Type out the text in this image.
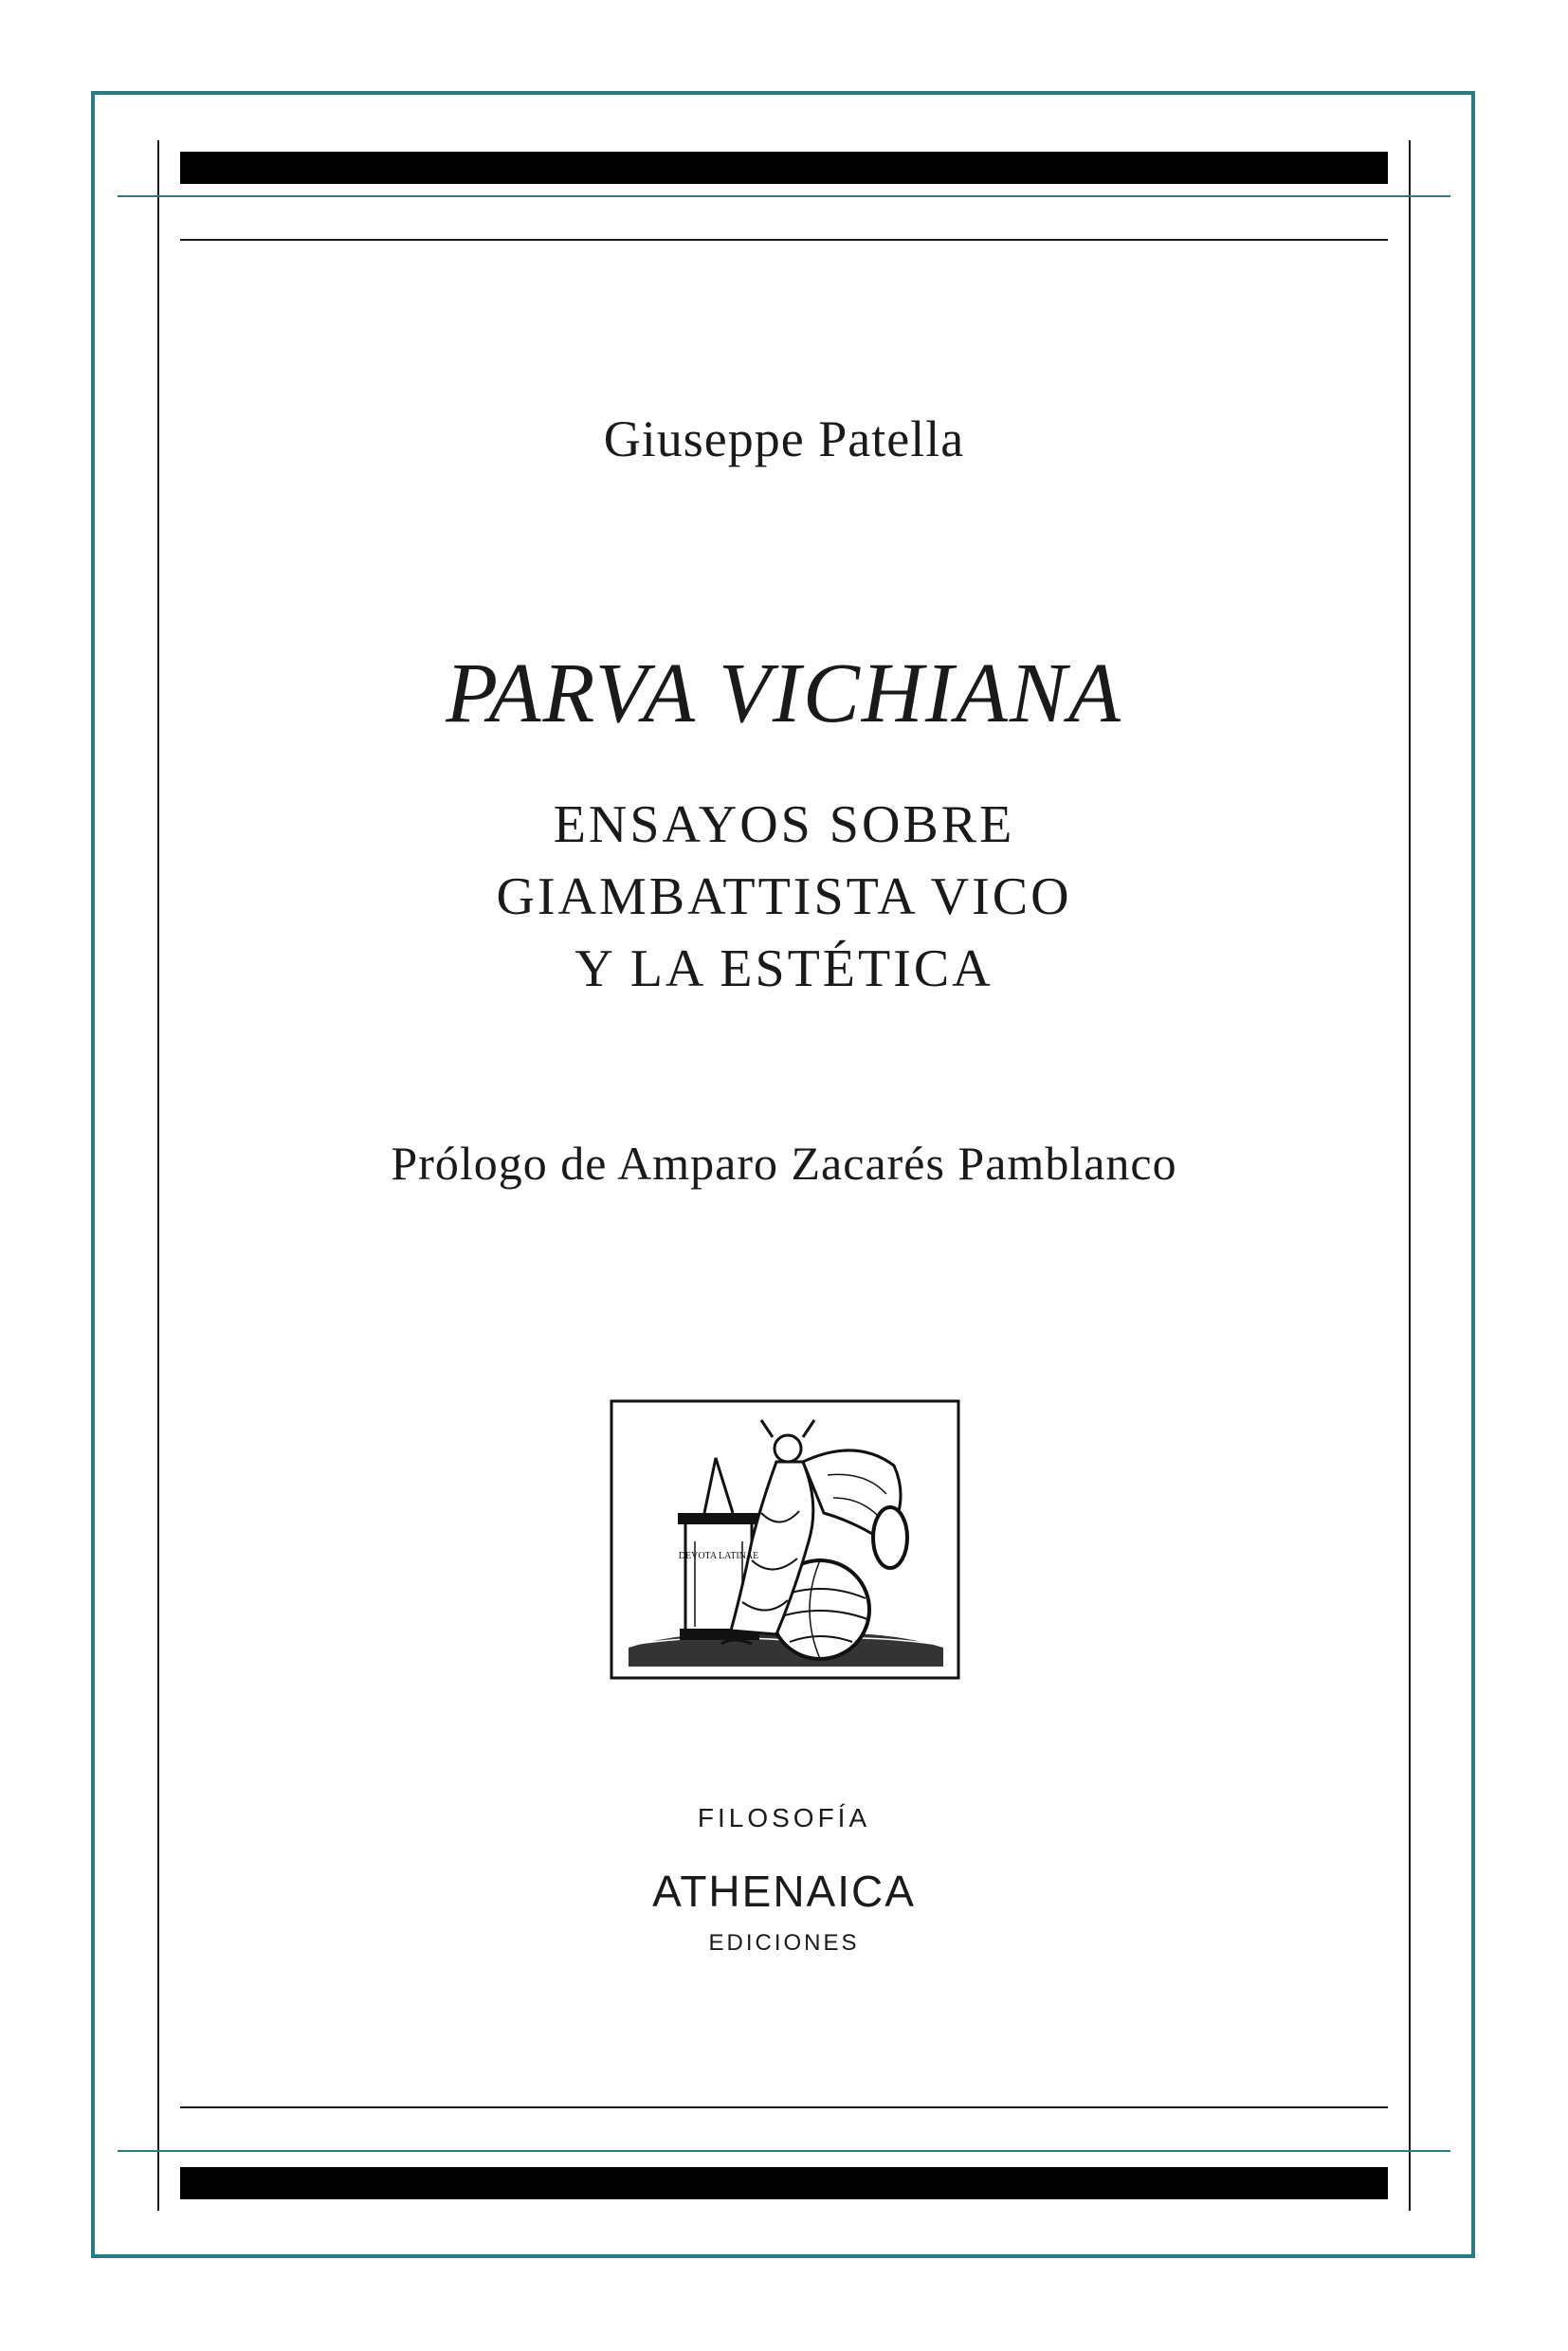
Giuseppe Patella
PARVA VICHIANA
ENSAYOS SOBRE
GIAMBATTISTA VICO
Y LA ESTÉTICA
Prólogo de Amparo Zacarés Pamblanco
DEVOTA LATINAE
FILOSOFÍA
ATHENAICA
EDICIONES
